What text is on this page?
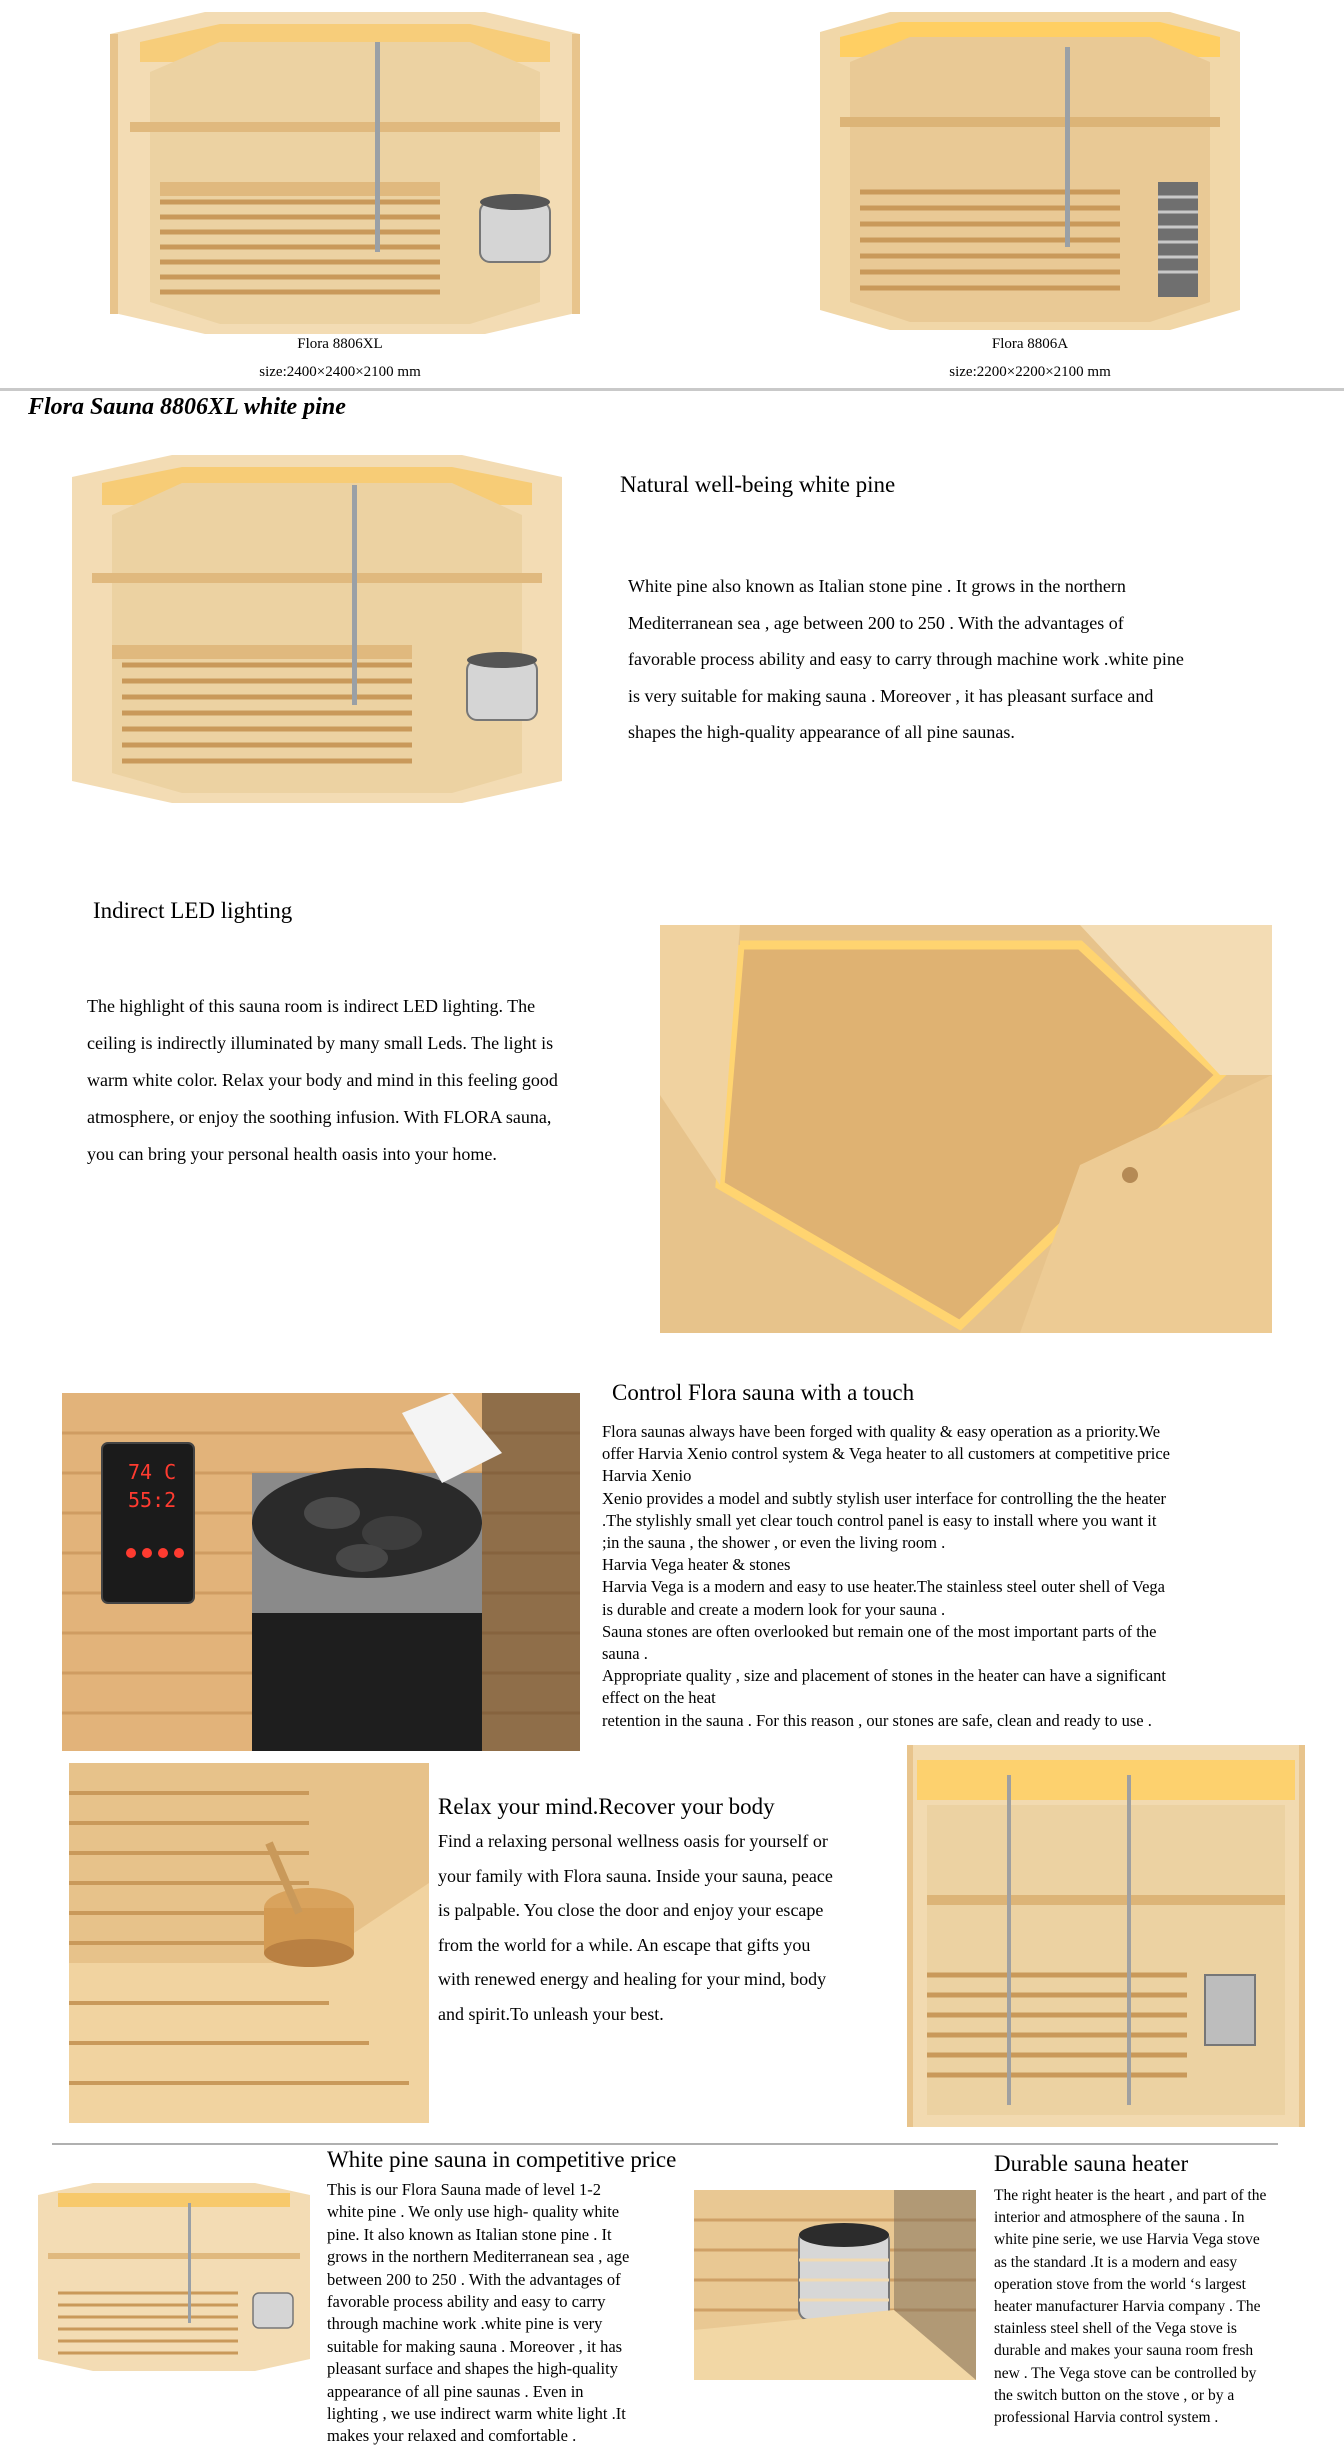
Flora 8806XL
size:2400×2400×2100 mm
Flora 8806A
size:2200×2200×2100 mm
Flora Sauna 8806XL white pine
Natural well-being white pine
White pine also known as Italian stone pine . It grows in the northern
Mediterranean sea , age between 200 to 250 . With the advantages of
favorable process ability and easy to carry through machine work .white pine
is very suitable for making sauna . Moreover , it has pleasant surface and
shapes the high-quality appearance of all pine saunas.
Indirect LED lighting
The highlight of this sauna room is indirect LED lighting. The
ceiling is indirectly illuminated by many small Leds. The light is
warm white color. Relax your body and mind in this feeling good
atmosphere, or enjoy the soothing infusion. With FLORA sauna,
you can bring your personal health oasis into your home.
74 C
55:2
Control Flora sauna with a touch
Flora saunas always have been forged with quality & easy operation as a priority.We
offer Harvia Xenio control system & Vega heater to all customers at competitive price
Harvia Xenio
Xenio provides a model and subtly stylish user interface for controlling the the heater
.The stylishly small yet clear touch control panel is easy to install where you want it
;in the sauna , the shower , or even the living room .
Harvia Vega heater & stones
Harvia Vega is a modern and easy to use heater.The stainless steel outer shell of Vega
is durable and create a modern look for your sauna .
Sauna stones are often overlooked but remain one of the most important parts of the
sauna .
Appropriate quality , size and placement of stones in the heater can have a significant
effect on the heat
retention in the sauna . For this reason , our stones are safe, clean and ready to use .
Relax your mind.Recover your body
Find a relaxing personal wellness oasis for yourself or
your family with Flora sauna. Inside your sauna, peace
is palpable. You close the door and enjoy your escape
from the world for a while. An escape that gifts you
with renewed energy and healing for your mind, body
and spirit.To unleash your best.
White pine sauna in competitive price
This is our Flora Sauna made of level 1-2
white pine . We only use high- quality white
pine. It also known as Italian stone pine . It
grows in the northern Mediterranean sea , age
between 200 to 250 . With the advantages of
favorable process ability and easy to carry
through machine work .white pine is very
suitable for making sauna . Moreover , it has
pleasant surface and shapes the high-quality
appearance of all pine saunas . Even in
lighting , we use indirect warm white light .It
makes your relaxed and comfortable .
Durable sauna heater
The right heater is the heart , and part of the
interior and atmosphere of the sauna . In
white pine serie, we use Harvia Vega stove
as the standard .It is a modern and easy
operation stove from the world ‘s largest
heater manufacturer Harvia company . The
stainless steel shell of the Vega stove is
durable and makes your sauna room fresh
new . The Vega stove can be controlled by
the switch button on the stove , or by a
professional Harvia control system .
